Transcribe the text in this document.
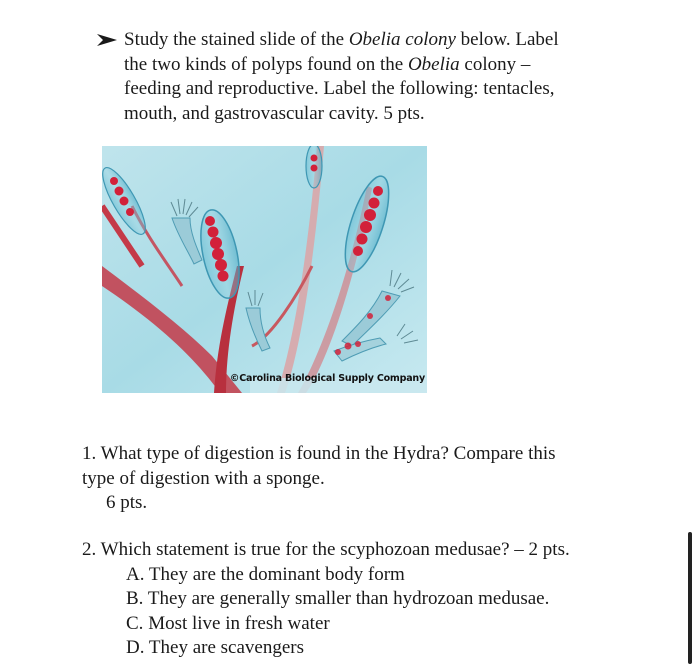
Study the stained slide of the Obelia colony below. Label
the two kinds of polyps found on the Obelia colony –
feeding and reproductive. Label the following: tentacles,
mouth, and gastrovascular cavity. 5 pts.
©Carolina Biological Supply Company
1. What type of digestion is found in the Hydra? Compare this
type of digestion with a sponge.
6 pts.
2. Which statement is true for the scyphozoan medusae? – 2 pts.
A. They are the dominant body form
B. They are generally smaller than hydrozoan medusae.
C. Most live in fresh water
D. They are scavengers
